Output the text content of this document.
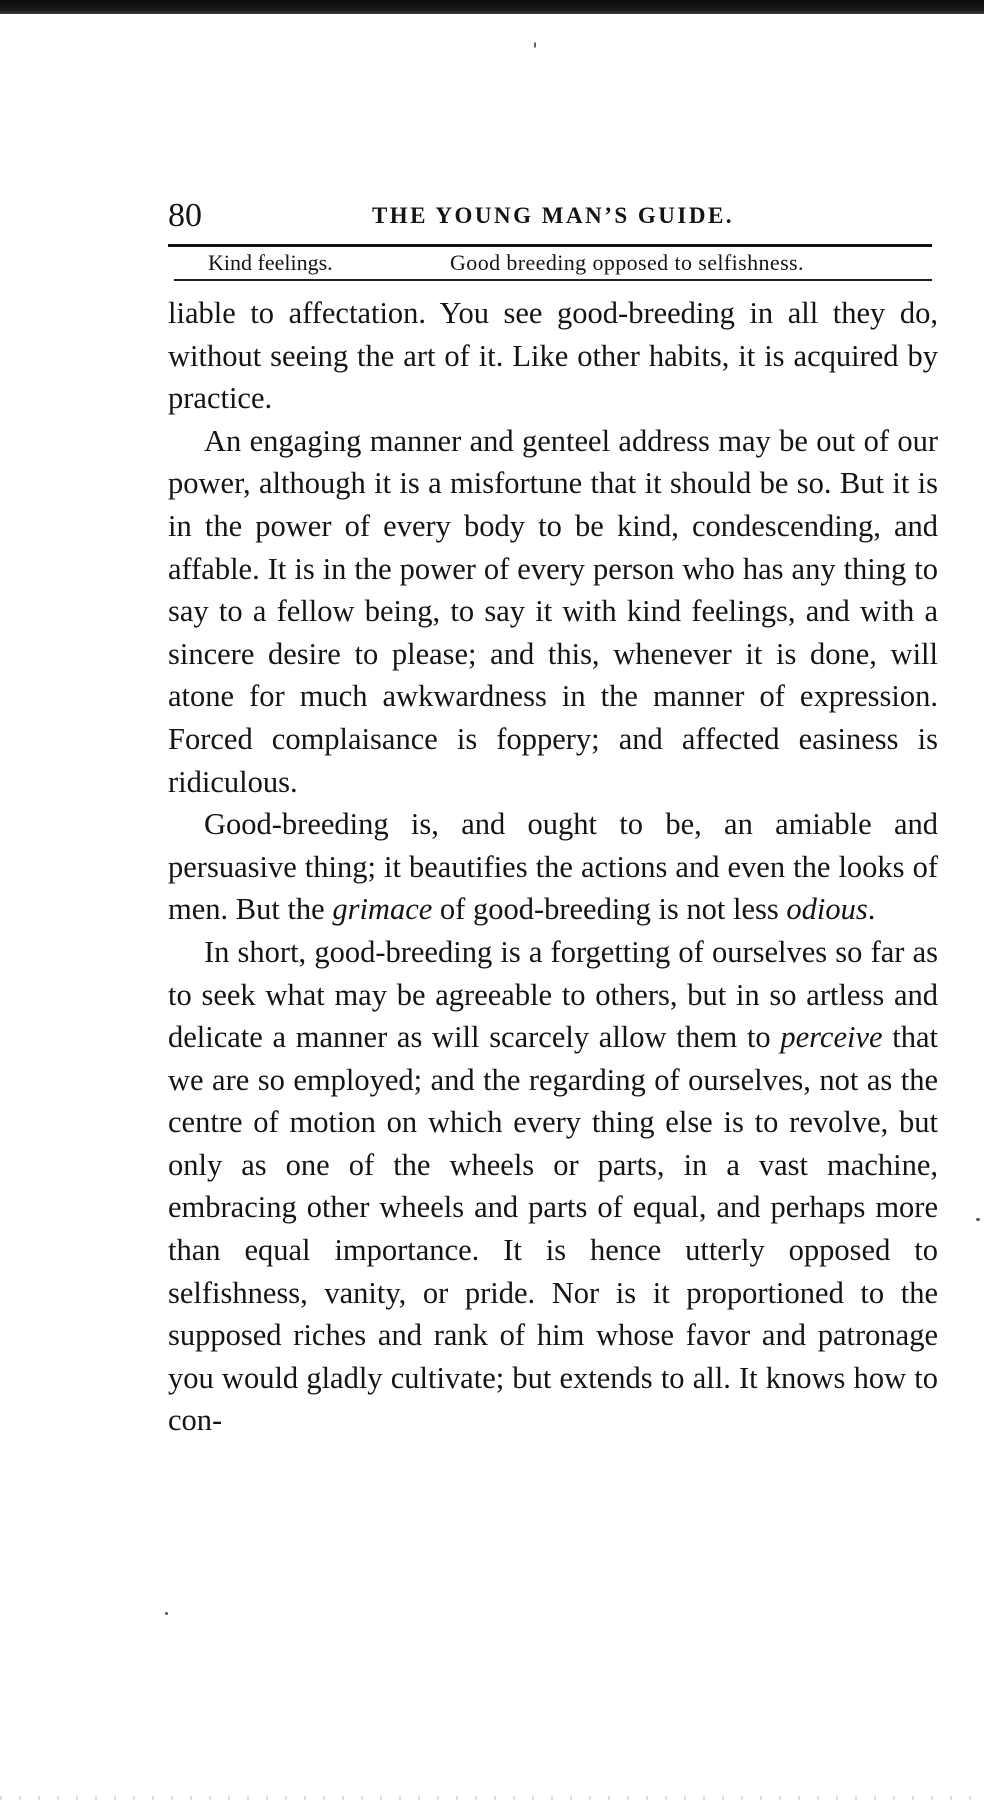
80	THE YOUNG MAN’S GUIDE.
Kind feelings.	Good breeding opposed to selfishness.

liable to affectation. You see good-breeding in all they do, without seeing the art of it. Like other habits, it is acquired by practice.

An engaging manner and genteel address may be out of our power, although it is a misfortune that it should be so. But it is in the power of every body to be kind, condescending, and affable. It is in the power of every person who has any thing to say to a fellow being, to say it with kind feelings, and with a sincere desire to please; and this, whenever it is done, will atone for much awkwardness in the manner of expression. Forced complaisance is foppery; and affected easiness is ridiculous.

Good-breeding is, and ought to be, an amiable and persuasive thing; it beautifies the actions and even the looks of men. But the grimace of good-breeding is not less odious.

In short, good-breeding is a forgetting of ourselves so far as to seek what may be agreeable to others, but in so artless and delicate a manner as will scarcely allow them to perceive that we are so employed; and the regarding of ourselves, not as the centre of motion on which every thing else is to revolve, but only as one of the wheels or parts, in a vast machine, embracing other wheels and parts of equal, and perhaps more than equal importance. It is hence utterly opposed to selfishness, vanity, or pride. Nor is it proportioned to the supposed riches and rank of him whose favor and patronage you would gladly cultivate; but extends to all. It knows how to con-
